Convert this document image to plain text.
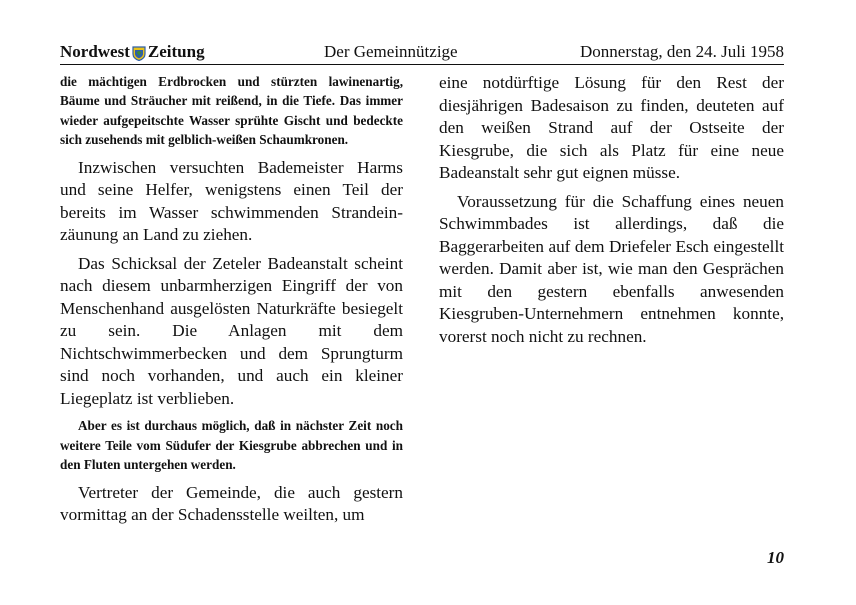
Nordwest Zeitung	Der Gemeinnützige	Donnerstag, den 24. Juli 1958

die mächtigen Erdbrocken und stürzten lawinenartig, Bäume und Sträucher mit reißend, in die Tiefe. Das immer wieder aufgepeitschte Wasser sprühte Gischt und bedeckte sich zusehends mit gelblich-weißen Schaumkronen.

Inzwischen versuchten Bademeister Harms und seine Helfer, wenigstens einen Teil der bereits im Wasser schwimmenden Strandeinzäunung an Land zu ziehen.

Das Schicksal der Zeteler Badeanstalt scheint nach diesem unbarmherzigen Eingriff der von Menschenhand ausgelösten Naturkräfte besiegelt zu sein. Die Anlagen mit dem Nichtschwimmerbecken und dem Sprungturm sind noch vorhanden, und auch ein kleiner Liegeplatz ist verblieben.

Aber es ist durchaus möglich, daß in nächster Zeit noch weitere Teile vom Südufer der Kiesgrube abbrechen und in den Fluten untergehen werden.

Vertreter der Gemeinde, die auch gestern vormittag an der Schadensstelle weilten, um

eine notdürftige Lösung für den Rest der diesjährigen Badesaison zu finden, deuteten auf den weißen Strand auf der Ostseite der Kiesgrube, die sich als Platz für eine neue Badeanstalt sehr gut eignen müsse.

Voraussetzung für die Schaffung eines neuen Schwimmbades ist allerdings, daß die Baggerarbeiten auf dem Driefeler Esch eingestellt werden. Damit aber ist, wie man den Gesprächen mit den gestern ebenfalls anwesenden Kiesgruben-Unternehmern entnehmen konnte, vorerst noch nicht zu rechnen.

10
